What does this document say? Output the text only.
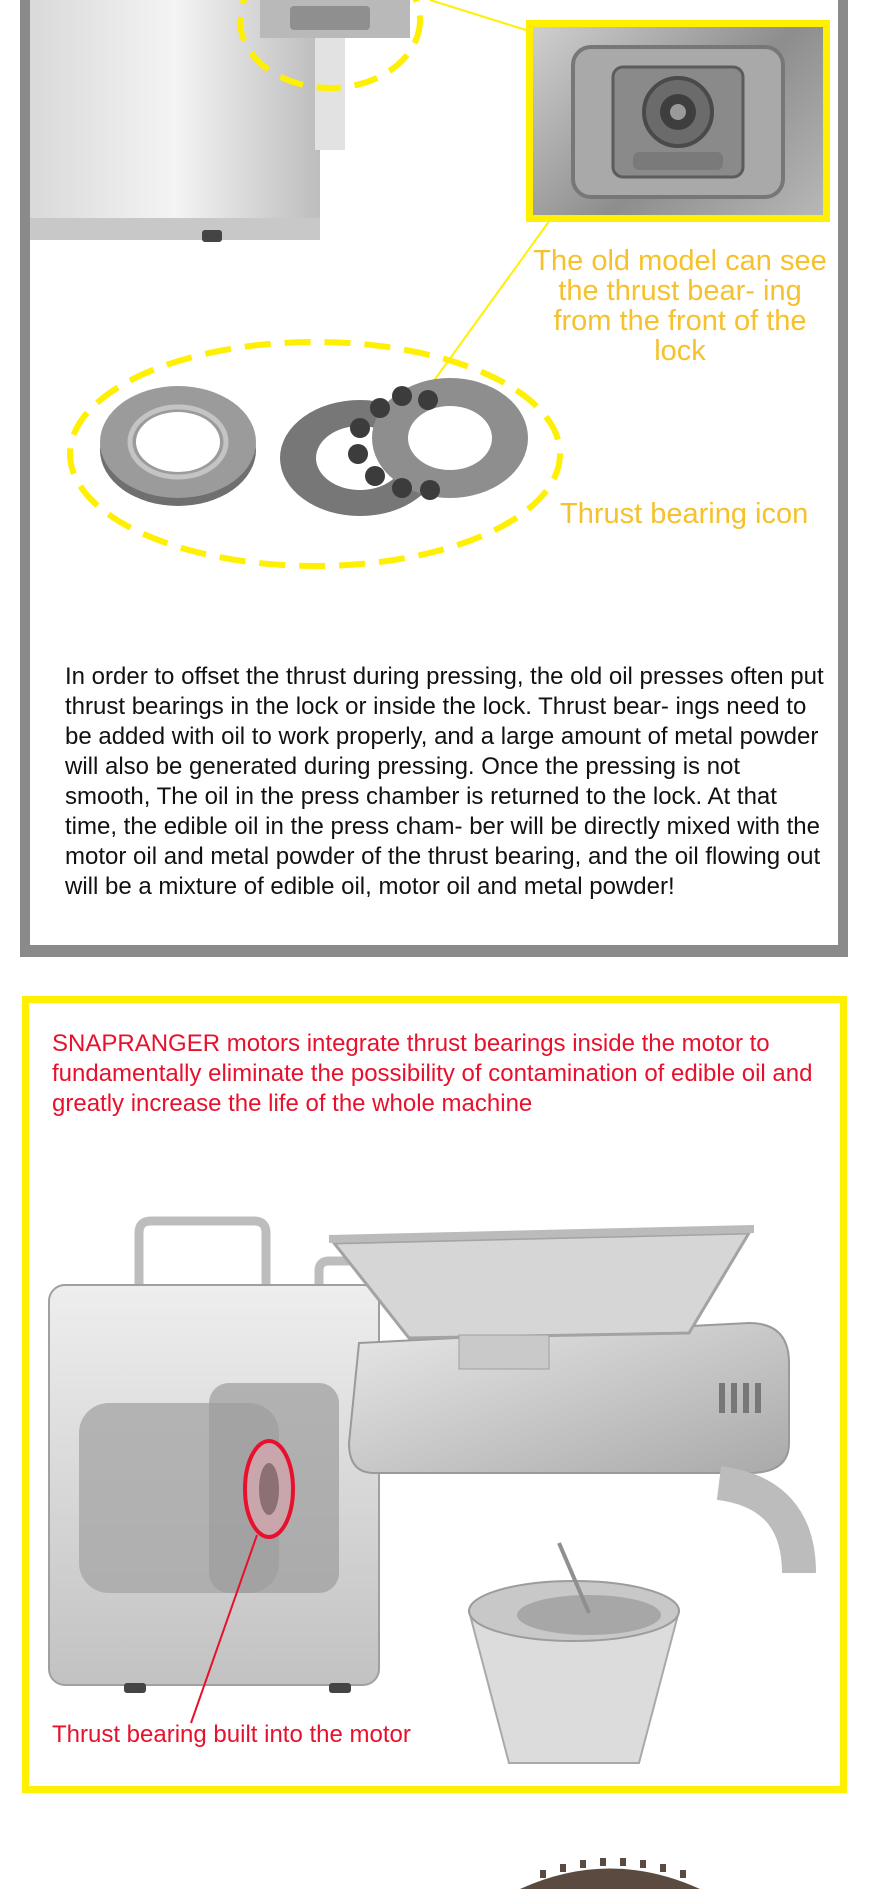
The old model can see the thrust bear- ing from the front of the lock
Thrust bearing icon

In order to offset the thrust during pressing, the old oil presses often put thrust bearings in the lock or inside the lock. Thrust bear- ings need to be added with oil to work properly, and a large amount of metal powder will also be generated during pressing. Once the pressing is not smooth, The oil in the press chamber is returned to the lock. At that time, the edible oil in the press cham- ber will be directly mixed with the motor oil and metal powder of the thrust bearing, and the oil flowing out will be a mixture of edible oil, motor oil and metal powder!

SNAPRANGER motors integrate thrust bearings inside the motor to fundamentally eliminate the possibility of contamination of edible oil and greatly increase the life of the whole machine

Thrust bearing built into the motor
